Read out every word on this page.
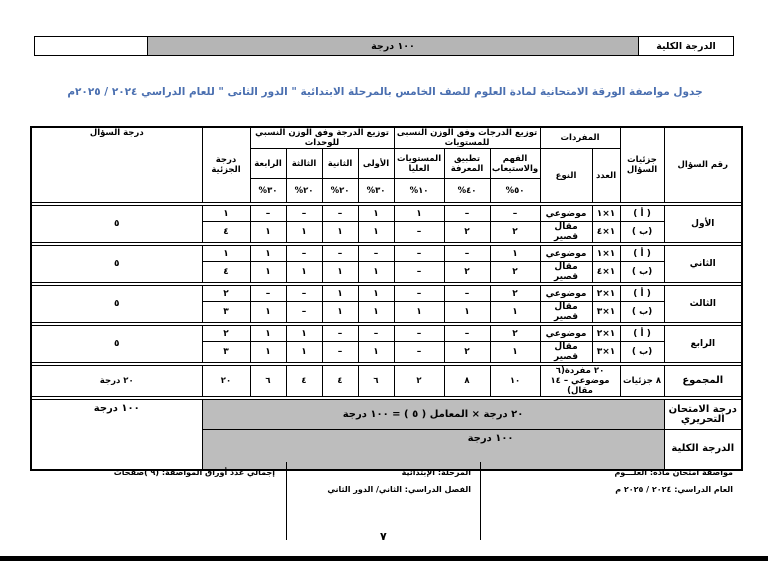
الدرجة الكلية
١٠٠ درجة
جدول مواصفة الورقة الامتحانية لمادة العلوم للصف الخامس بالمرحلة الابتدائية " الدور الثانى " للعام الدراسي ٢٠٢٤ / ٢٠٢٥م
رقم السؤال	جزئيات السؤال	المفردات		توزيع الدرجات وفق الوزن النسبى للمستويات			توزيع الدرجة وفق الوزن النسبي للوحدات				درجة الجزئية	درجة السؤال
		العدد	النوع	الفهم والاستيعاب	تطبيق المعرفة	المستويات العليا	الأولى	الثانية	الثالثة	الرابعة		
				٥٠%	٤٠%	١٠%	٣٠%	٢٠%	٢٠%	٣٠%		

الأول	( أ )	١×١	موضوعي	–	–	١	١	–	–	–	١	٥
	(ب )	١×٤	مقال قصير	٢	٢	–	١	١	١	١	٤	

الثاني	( أ )	١×١	موضوعي	١	–	–	–	–	–	١	١	٥
	(ب )	١×٤	مقال قصير	٢	٢	–	١	١	١	١	٤	

الثالث	( أ )	١×٢	موضوعي	٢	–	–	١	١	–	–	٢	٥
	(ب )	١×٣	مقال قصير	١	١	١	١	١	–	١	٣	

الرابع	( أ )	١×٢	موضوعي	٢	–	–	–	–	١	١	٢	٥
	(ب )	١×٣	مقال قصير	١	٢	–	١	–	١	١	٣	

المجموع	٨ جزئيات	٢٠ مفردة(٦ موضوعي – ١٤ مقال)		١٠	٨	٢	٦	٤	٤	٦	٢٠	٢٠ درجة

درجة الامتحان التحريري	٢٠ درجة × المعامل ( ٥ ) = ١٠٠ درجة											١٠٠ درجة
الدرجة الكلية	١٠٠ درجة											
مواصفة امتحان مادة: العلـــوم
العام الدراسي: ٢٠٢٤ / ٢٠٢٥ م
المرحلة: الإبتدائية
الفصل الدراسي: الثاني/ الدور الثاني
إجمالي عدد أوراق المواصفة: (٩ )صفحات
٧
